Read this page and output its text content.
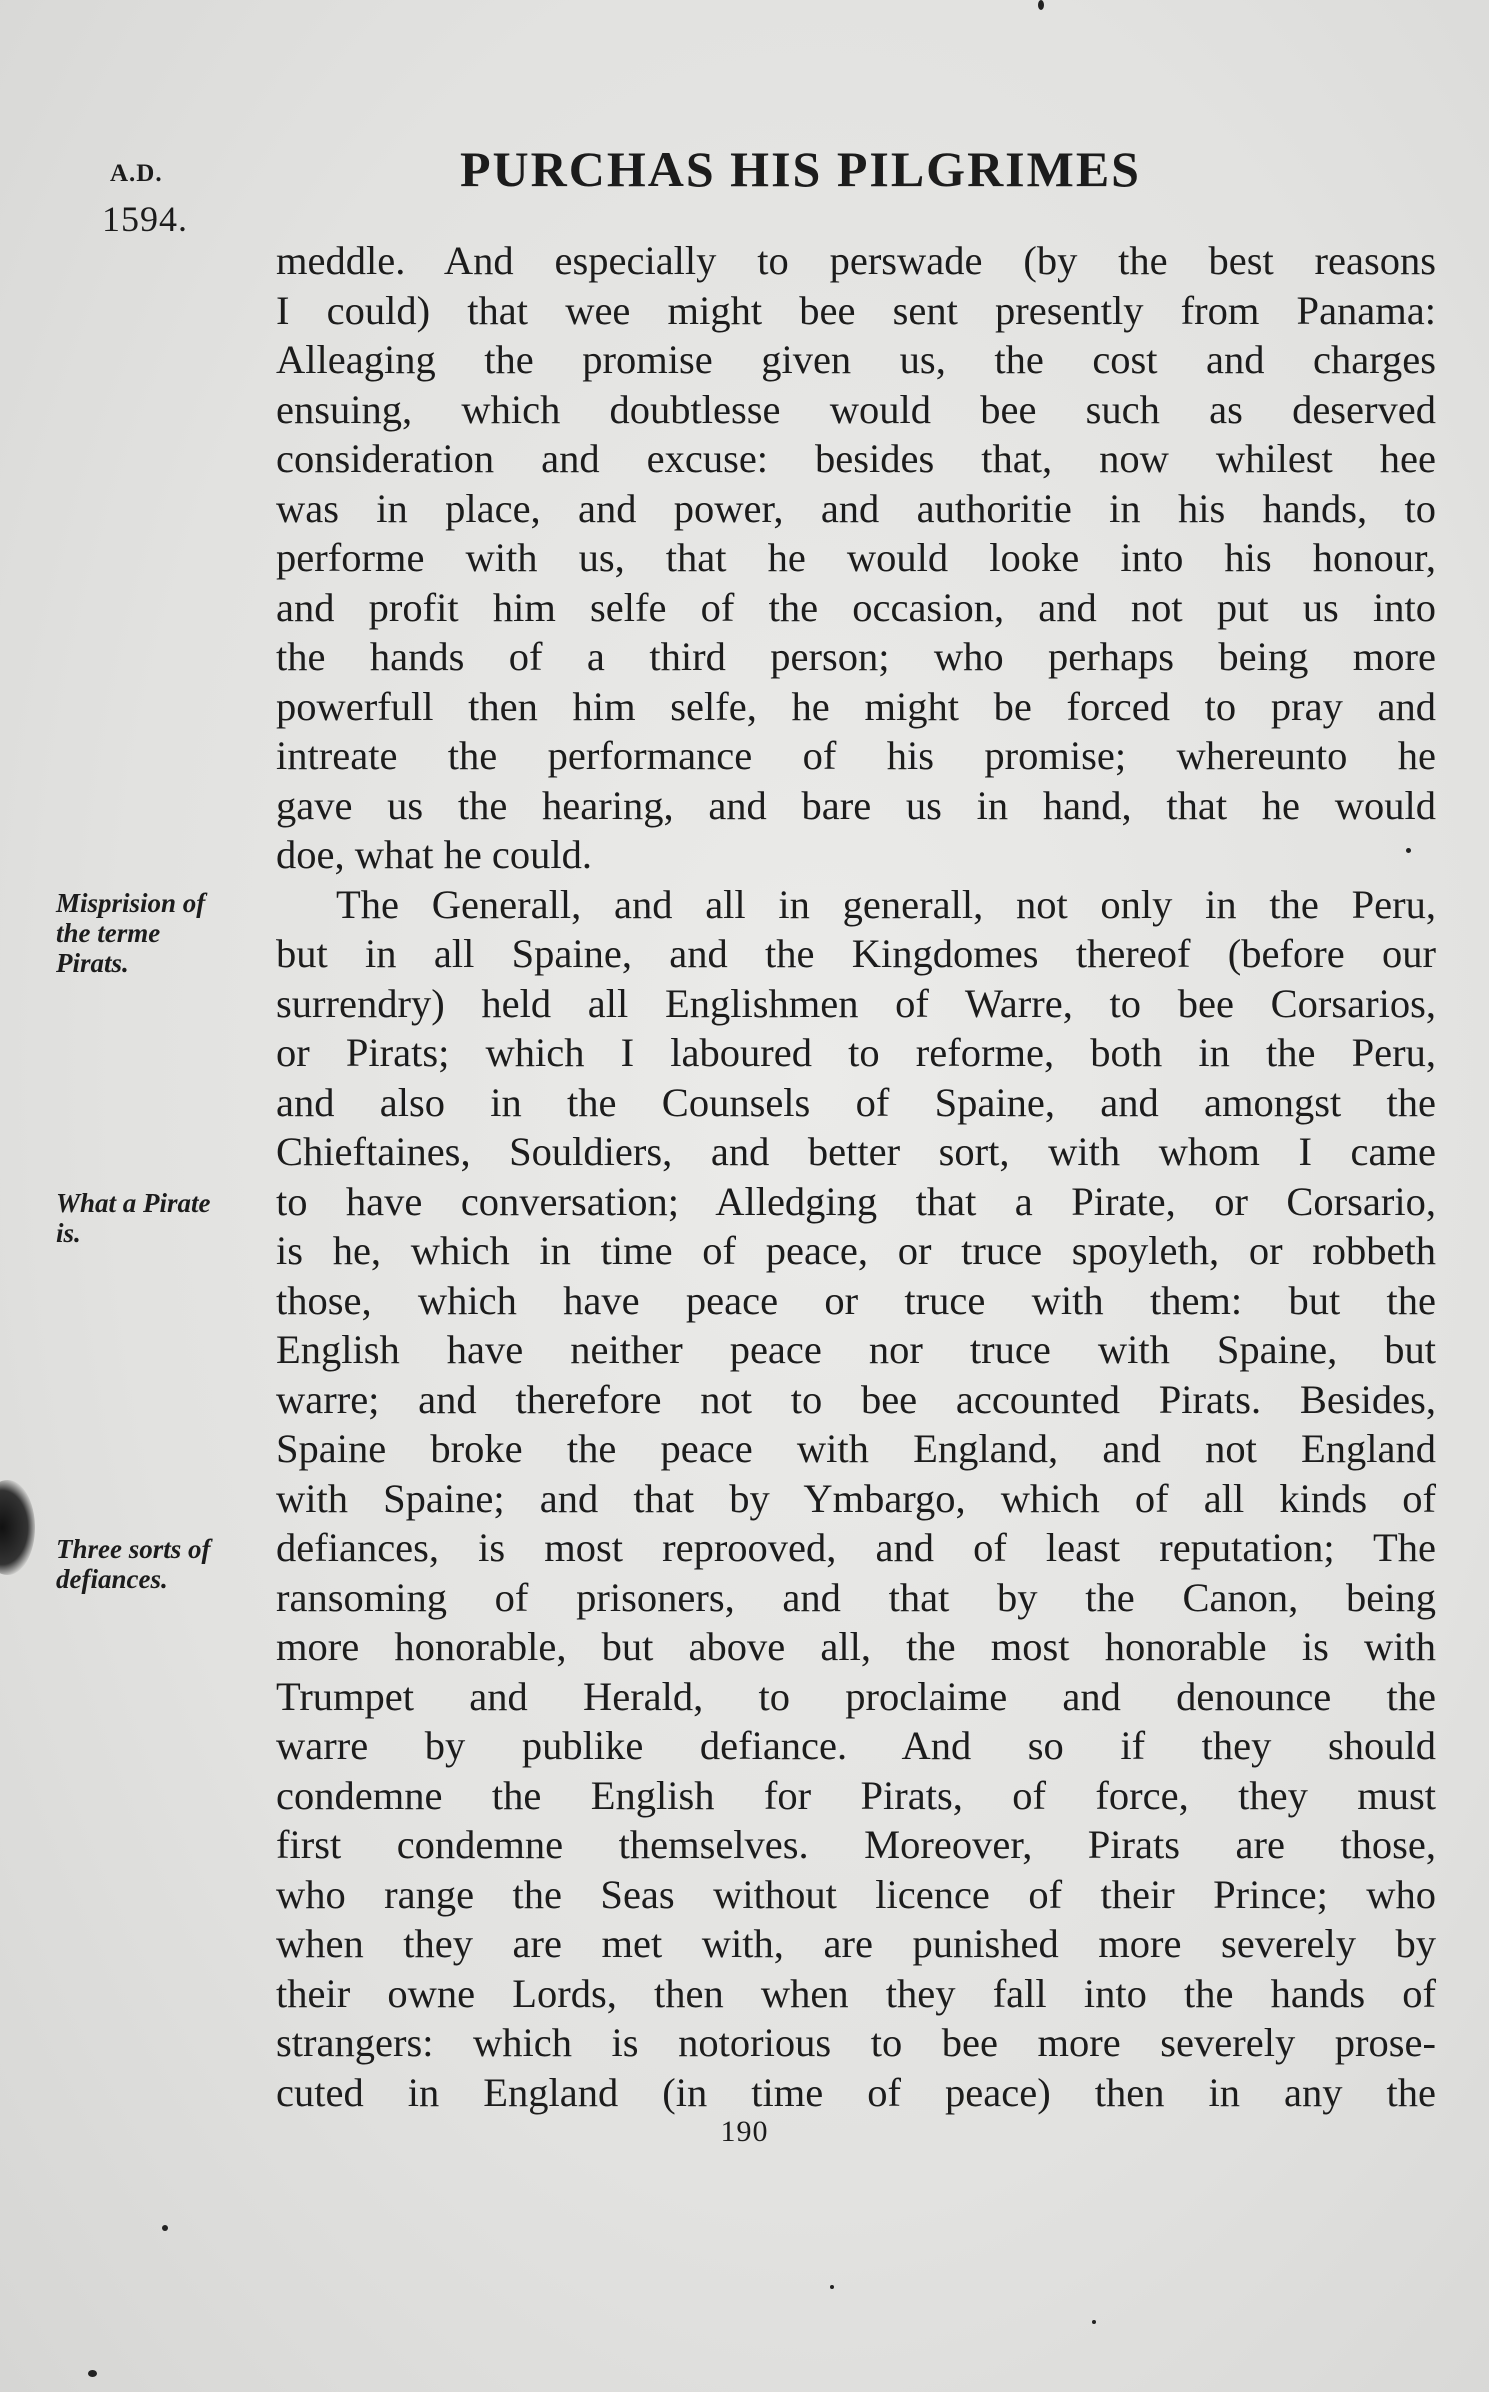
A.D.
1594.
PURCHAS HIS PILGRIMES

meddle. And especially to perswade (by the best reasons

I could) that wee might bee sent presently from Panama:

Alleaging the promise given us, the cost and charges

ensuing, which doubtlesse would bee such as deserved

consideration and excuse: besides that, now whilest hee

was in place, and power, and authoritie in his hands, to

performe with us, that he would looke into his honour,

and profit him selfe of the occasion, and not put us into

the hands of a third person; who perhaps being more

powerfull then him selfe, he might be forced to pray and

intreate the performance of his promise; whereunto he

gave us the hearing, and bare us in hand, that he would

doe, what he could.

The Generall, and all in generall, not only in the Peru,

but in all Spaine, and the Kingdomes thereof (before our

surrendry) held all Englishmen of Warre, to bee Corsarios,

or Pirats; which I laboured to reforme, both in the Peru,

and also in the Counsels of Spaine, and amongst the

Chieftaines, Souldiers, and better sort, with whom I came

to have conversation; Alledging that a Pirate, or Corsario,

is he, which in time of peace, or truce spoyleth, or robbeth

those, which have peace or truce with them: but the

English have neither peace nor truce with Spaine, but

warre; and therefore not to bee accounted Pirats. Besides,

Spaine broke the peace with England, and not England

with Spaine; and that by Ymbargo, which of all kinds of

defiances, is most reprooved, and of least reputation; The

ransoming of prisoners, and that by the Canon, being

more honorable, but above all, the most honorable is with

Trumpet and Herald, to proclaime and denounce the

warre by publike defiance. And so if they should

condemne the English for Pirats, of force, they must

first condemne themselves. Moreover, Pirats are those,

who range the Seas without licence of their Prince; who

when they are met with, are punished more severely by

their owne Lords, then when they fall into the hands of

strangers: which is notorious to bee more severely prose-

cuted in England (in time of peace) then in any the

Misprision of
the terme
Pirats.
What a Pirate
is.
Three sorts of
defiances.
190
